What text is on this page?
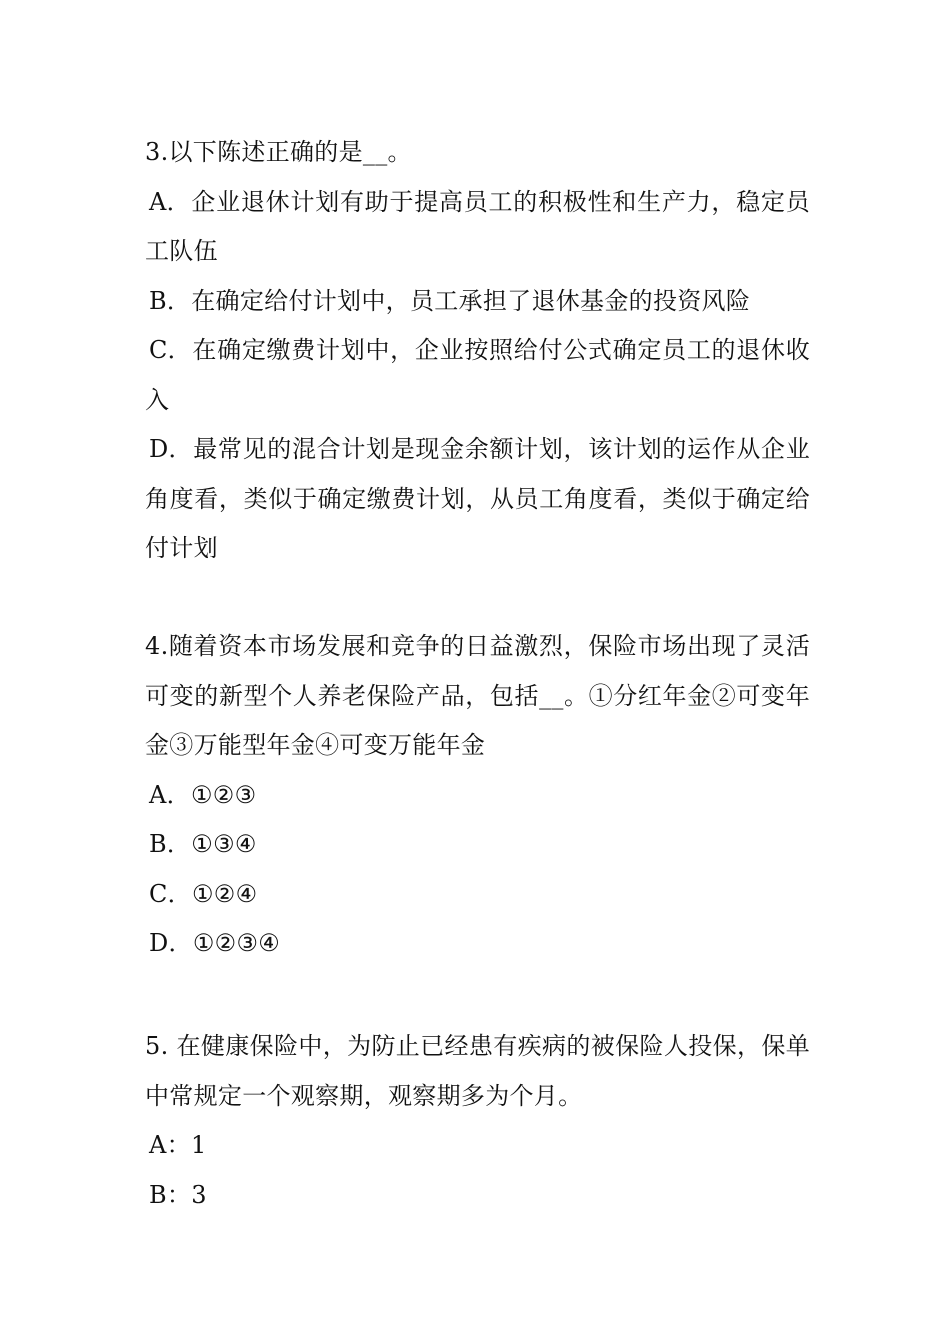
3.以下陈述正确的是__。

A．企业退休计划有助于提高员工的积极性和生产力，稳定员工队伍

B．在确定给付计划中，员工承担了退休基金的投资风险

C．在确定缴费计划中，企业按照给付公式确定员工的退休收入

D．最常见的混合计划是现金余额计划，该计划的运作从企业角度看，类似于确定缴费计划，从员工角度看，类似于确定给付计划

4.随着资本市场发展和竞争的日益激烈，保险市场出现了灵活可变的新型个人养老保险产品，包括__。①分红年金②可变年金③万能型年金④可变万能年金

A．①②③

B．①③④

C．①②④

D．①②③④

5. 在健康保险中，为防止已经患有疾病的被保险人投保，保单中常规定一个观察期，观察期多为个月。

A：1

B：3
